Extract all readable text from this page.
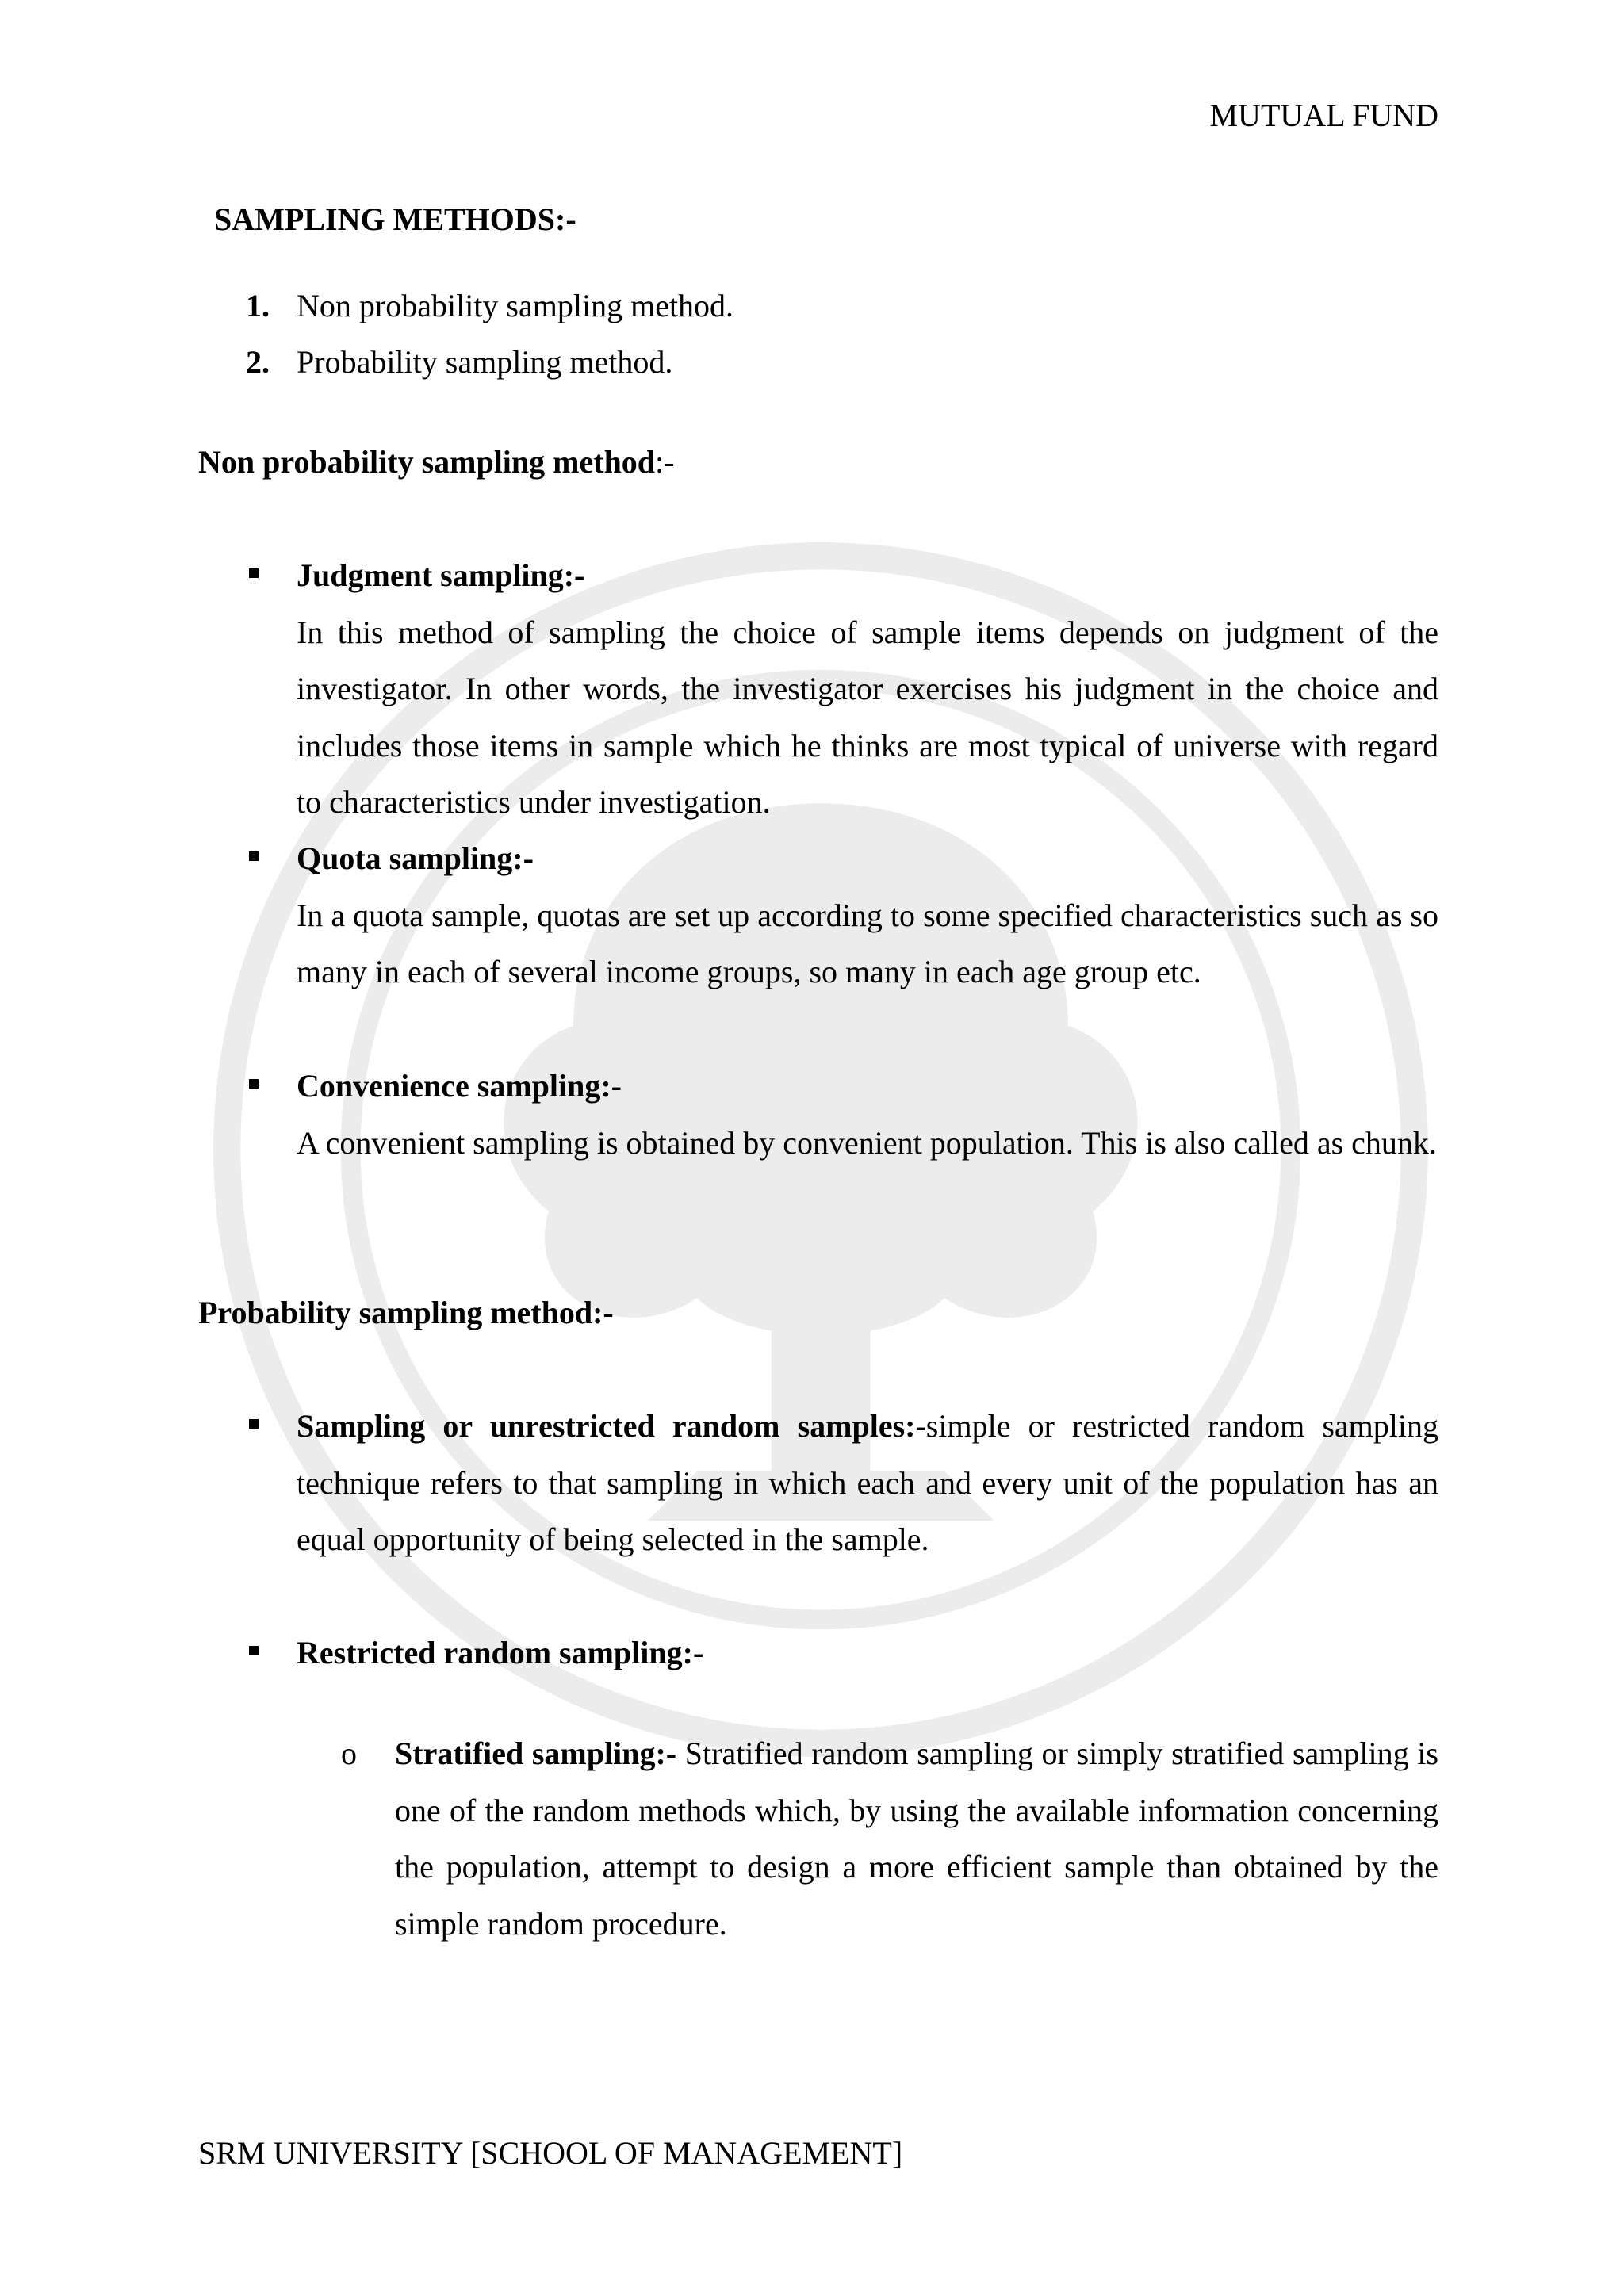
MUTUAL FUND
SAMPLING METHODS:-
1. Non probability sampling method.
2. Probability sampling method.
Non probability sampling method:-
Judgment sampling:-
In this method of sampling the choice of sample items depends on judgment of the investigator. In other words, the investigator exercises his judgment in the choice and includes those items in sample which he thinks are most typical of universe with regard to characteristics under investigation.
Quota sampling:-
In a quota sample, quotas are set up according to some specified characteristics such as so many in each of several income groups, so many in each age group etc.
Convenience sampling:-
A convenient sampling is obtained by convenient population. This is also called as chunk.
Probability sampling method:-
Sampling or unrestricted random samples:-simple or restricted random sampling technique refers to that sampling in which each and every unit of the population has an equal opportunity of being selected in the sample.
Restricted random sampling:-
o Stratified sampling:- Stratified random sampling or simply stratified sampling is one of the random methods which, by using the available information concerning the population, attempt to design a more efficient sample than obtained by the simple random procedure.
SRM UNIVERSITY [SCHOOL OF MANAGEMENT]
